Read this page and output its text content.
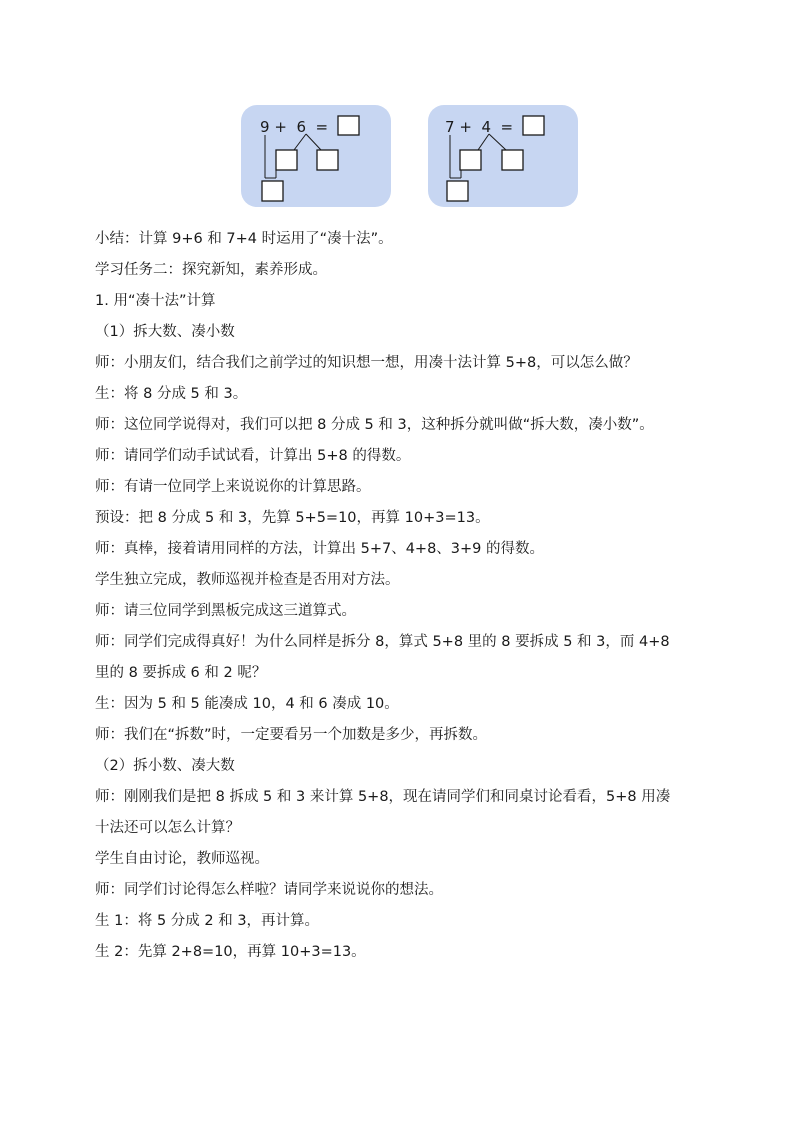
9 + 6 =	7 + 4 =
小结：计算 9+6 和 7+4 时运用了“凑十法”。
学习任务二：探究新知，素养形成。
1. 用“凑十法”计算
（1）拆大数、凑小数
师：小朋友们，结合我们之前学过的知识想一想，用凑十法计算 5+8，可以怎么做？
生：将 8 分成 5 和 3。
师：这位同学说得对，我们可以把 8 分成 5 和 3，这种拆分就叫做“拆大数，凑小数”。
师：请同学们动手试试看，计算出 5+8 的得数。
师：有请一位同学上来说说你的计算思路。
预设：把 8 分成 5 和 3，先算 5+5=10，再算 10+3=13。
师：真棒，接着请用同样的方法，计算出 5+7、4+8、3+9 的得数。
学生独立完成，教师巡视并检查是否用对方法。
师：请三位同学到黑板完成这三道算式。
师：同学们完成得真好！为什么同样是拆分 8，算式 5+8 里的 8 要拆成 5 和 3，而 4+8
里的 8 要拆成 6 和 2 呢？
生：因为 5 和 5 能凑成 10，4 和 6 凑成 10。
师：我们在“拆数”时，一定要看另一个加数是多少，再拆数。
（2）拆小数、凑大数
师：刚刚我们是把 8 拆成 5 和 3 来计算 5+8，现在请同学们和同桌讨论看看，5+8 用凑
十法还可以怎么计算？
学生自由讨论，教师巡视。
师：同学们讨论得怎么样啦？请同学来说说你的想法。
生 1：将 5 分成 2 和 3，再计算。
生 2：先算 2+8=10，再算 10+3=13。
